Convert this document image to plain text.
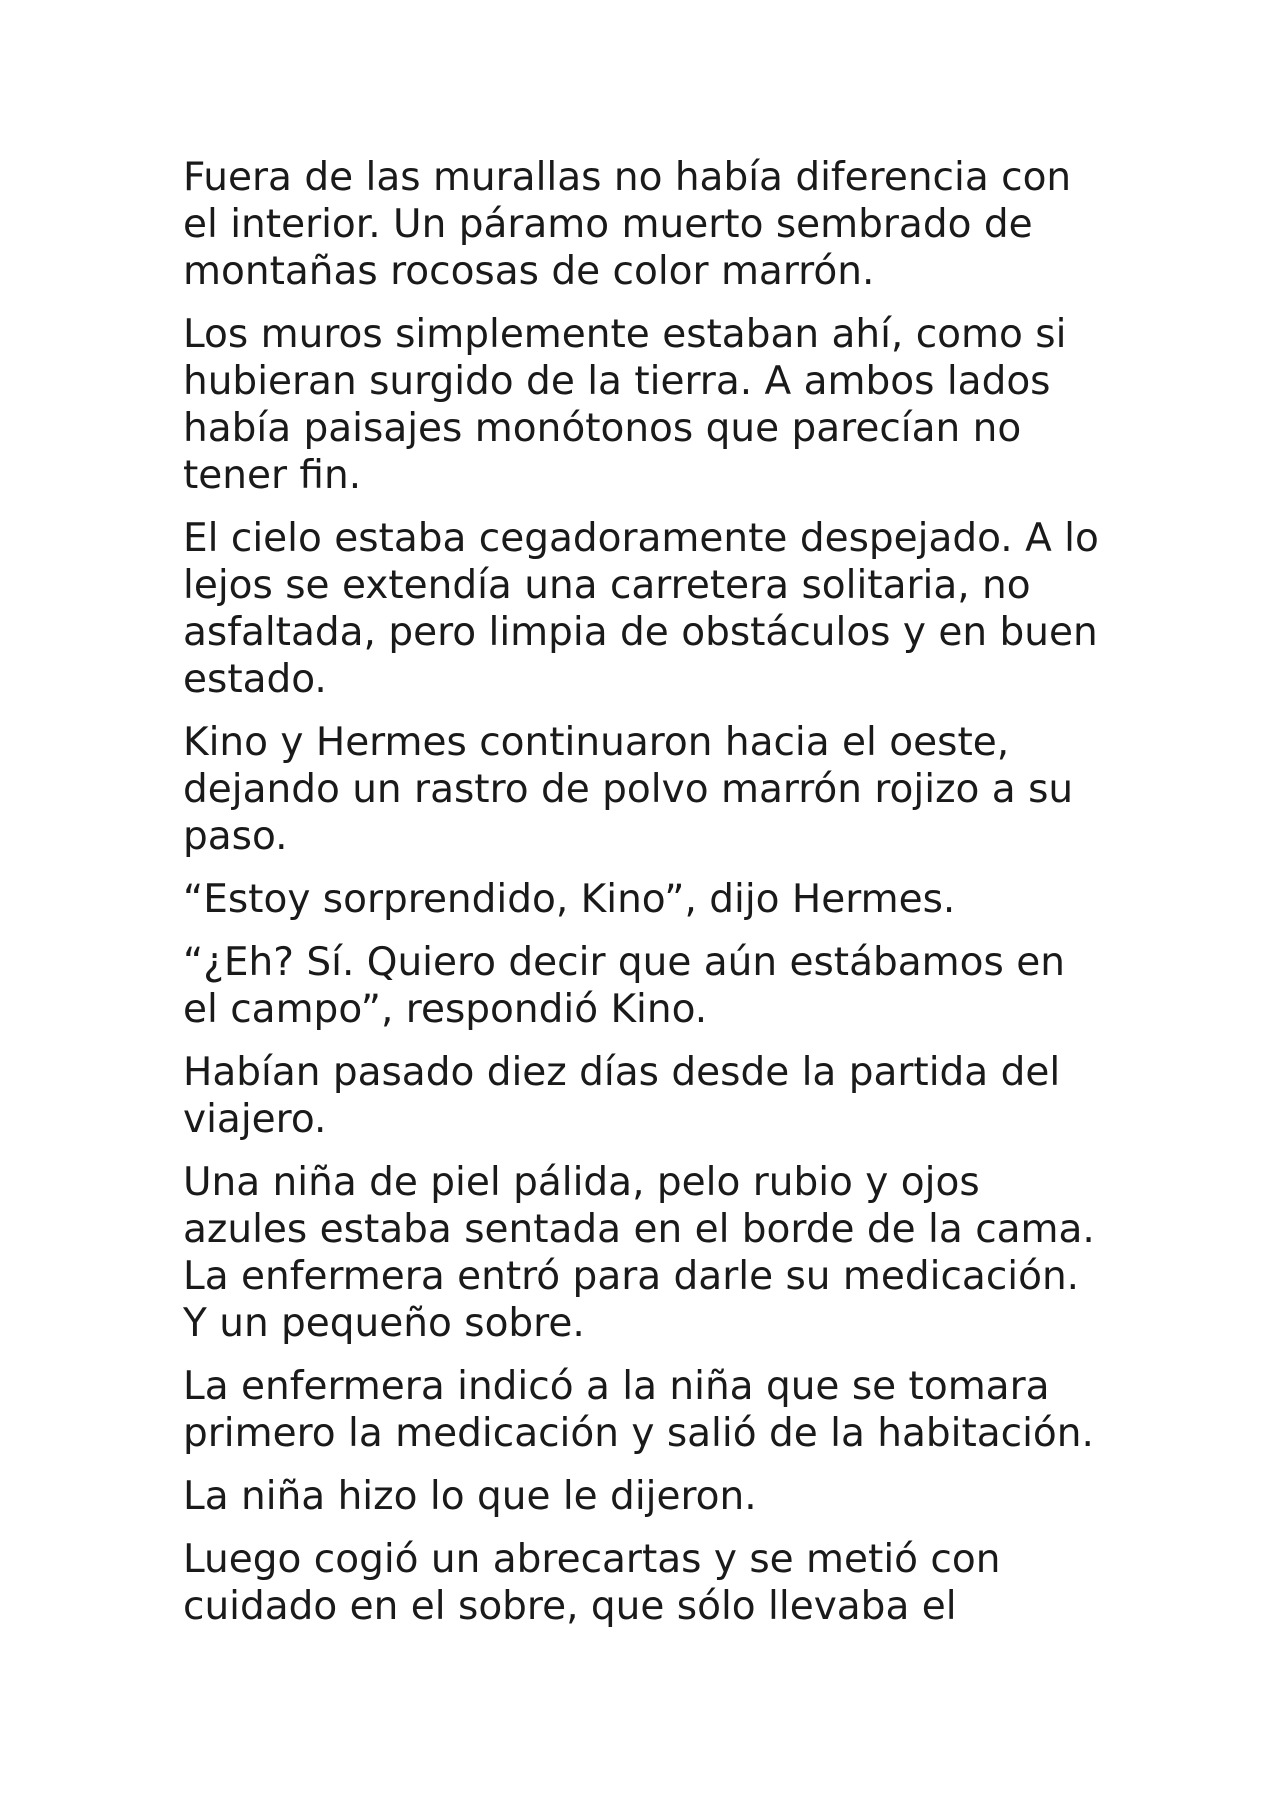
Fuera de las murallas no había diferencia con
el interior. Un páramo muerto sembrado de
montañas rocosas de color marrón.

Los muros simplemente estaban ahí, como si
hubieran surgido de la tierra. A ambos lados
había paisajes monótonos que parecían no
tener fin.

El cielo estaba cegadoramente despejado. A lo
lejos se extendía una carretera solitaria, no
asfaltada, pero limpia de obstáculos y en buen
estado.

Kino y Hermes continuaron hacia el oeste,
dejando un rastro de polvo marrón rojizo a su
paso.

“Estoy sorprendido, Kino”, dijo Hermes.

“¿Eh? Sí. Quiero decir que aún estábamos en
el campo”, respondió Kino.

Habían pasado diez días desde la partida del
viajero.

Una niña de piel pálida, pelo rubio y ojos
azules estaba sentada en el borde de la cama.
La enfermera entró para darle su medicación.
Y un pequeño sobre.

La enfermera indicó a la niña que se tomara
primero la medicación y salió de la habitación.

La niña hizo lo que le dijeron.

Luego cogió un abrecartas y se metió con
cuidado en el sobre, que sólo llevaba el
